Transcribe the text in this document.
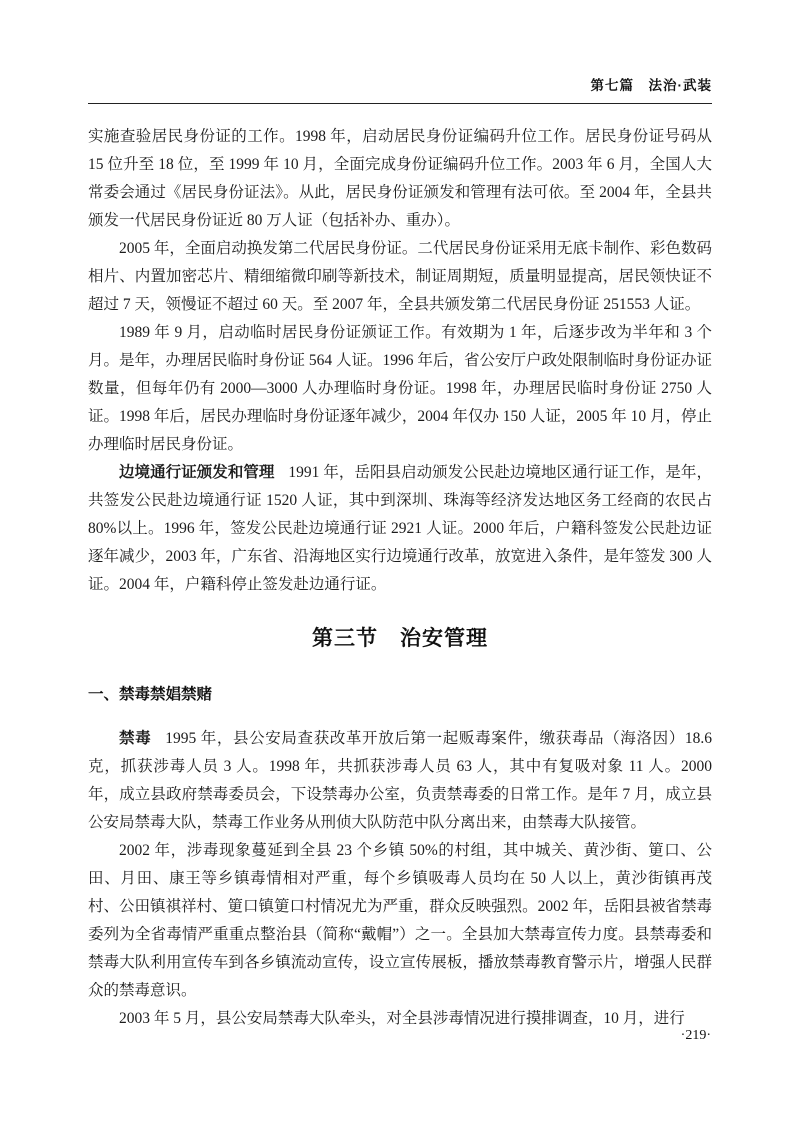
第七篇　法治·武装

实施查验居民身份证的工作。1998 年，启动居民身份证编码升位工作。居民身份证号码从 15 位升至 18 位，至 1999 年 10 月，全面完成身份证编码升位工作。2003 年 6 月，全国人大常委会通过《居民身份证法》。从此，居民身份证颁发和管理有法可依。至 2004 年，全县共颁发一代居民身份证近 80 万人证（包括补办、重办）。

2005 年，全面启动换发第二代居民身份证。二代居民身份证采用无底卡制作、彩色数码相片、内置加密芯片、精细缩微印刷等新技术，制证周期短，质量明显提高，居民领快证不超过 7 天，领慢证不超过 60 天。至 2007 年，全县共颁发第二代居民身份证 251553 人证。

1989 年 9 月，启动临时居民身份证颁证工作。有效期为 1 年，后逐步改为半年和 3 个月。是年，办理居民临时身份证 564 人证。1996 年后，省公安厅户政处限制临时身份证办证数量，但每年仍有 2000—3000 人办理临时身份证。1998 年，办理居民临时身份证 2750 人证。1998 年后，居民办理临时身份证逐年减少，2004 年仅办 150 人证，2005 年 10 月，停止办理临时居民身份证。

边境通行证颁发和管理 1991 年，岳阳县启动颁发公民赴边境地区通行证工作，是年，共签发公民赴边境通行证 1520 人证，其中到深圳、珠海等经济发达地区务工经商的农民占 80%以上。1996 年，签发公民赴边境通行证 2921 人证。2000 年后，户籍科签发公民赴边证逐年减少，2003 年，广东省、沿海地区实行边境通行改革，放宽进入条件，是年签发 300 人证。2004 年，户籍科停止签发赴边通行证。

第三节　治安管理
一、禁毒禁娼禁赌

禁毒 1995 年，县公安局查获改革开放后第一起贩毒案件，缴获毒品（海洛因）18.6 克，抓获涉毒人员 3 人。1998 年，共抓获涉毒人员 63 人，其中有复吸对象 11 人。2000 年，成立县政府禁毒委员会，下设禁毒办公室，负责禁毒委的日常工作。是年 7 月，成立县公安局禁毒大队，禁毒工作业务从刑侦大队防范中队分离出来，由禁毒大队接管。

2002 年，涉毒现象蔓延到全县 23 个乡镇 50%的村组，其中城关、黄沙街、筻口、公田、月田、康王等乡镇毒情相对严重，每个乡镇吸毒人员均在 50 人以上，黄沙街镇再茂村、公田镇祺祥村、筻口镇筻口村情况尤为严重，群众反映强烈。2002 年，岳阳县被省禁毒委列为全省毒情严重重点整治县（简称“戴帽”）之一。全县加大禁毒宣传力度。县禁毒委和禁毒大队利用宣传车到各乡镇流动宣传，设立宣传展板，播放禁毒教育警示片，增强人民群众的禁毒意识。

2003 年 5 月，县公安局禁毒大队牵头，对全县涉毒情况进行摸排调查，10 月，进行

·219·
